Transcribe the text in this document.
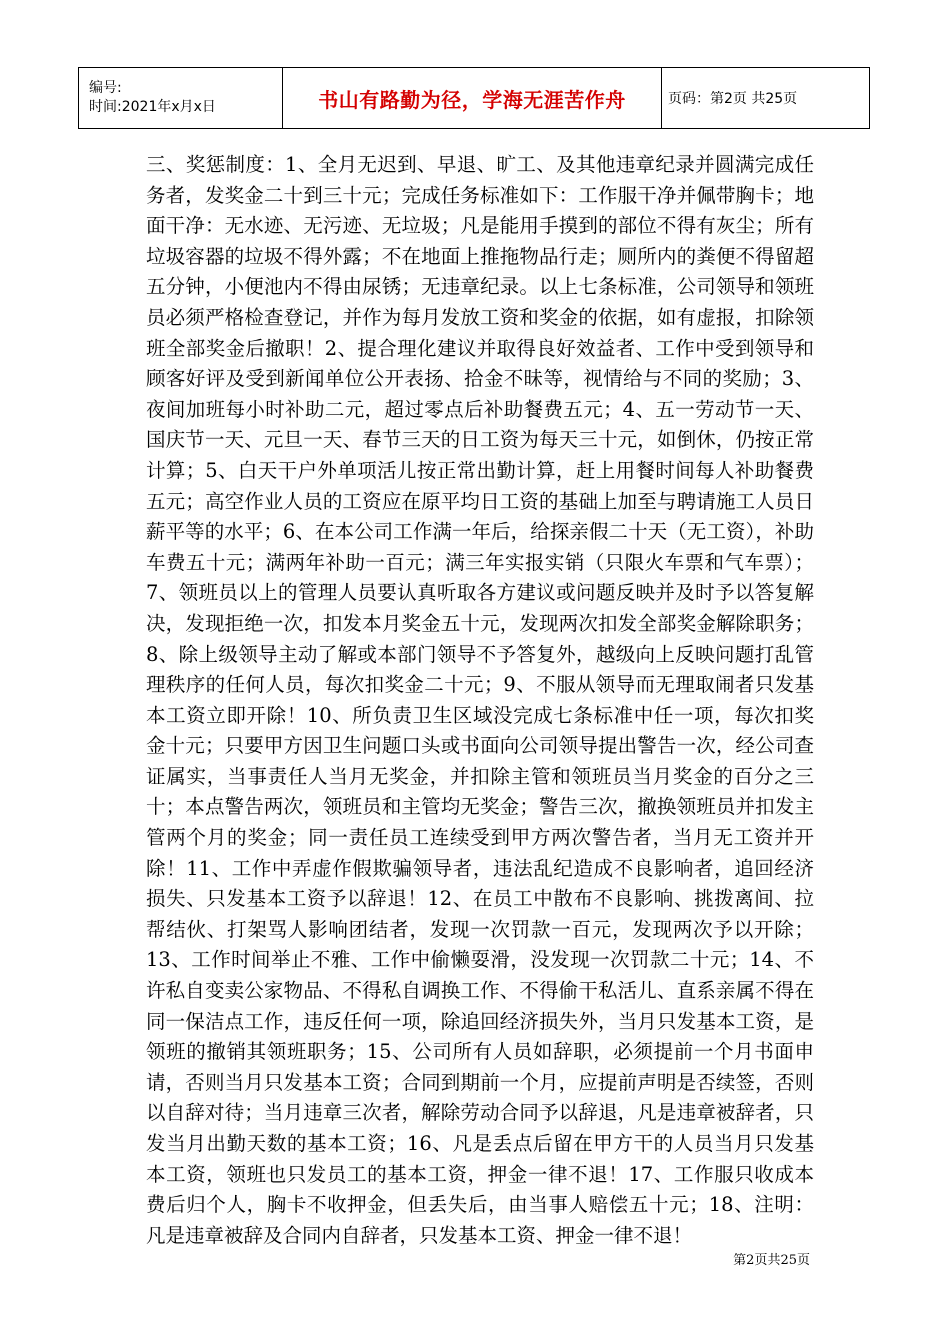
编号:
时间:2021年x月x日	书山有路勤为径，学海无涯苦作舟	页码：第2页 共25页

三、奖惩制度：1、全月无迟到、早退、旷工、及其他违章纪录并圆满完成任务者，发奖金二十到三十元；完成任务标准如下：工作服干净并佩带胸卡；地面干净：无水迹、无污迹、无垃圾；凡是能用手摸到的部位不得有灰尘；所有垃圾容器的垃圾不得外露；不在地面上推拖物品行走；厕所内的粪便不得留超五分钟，小便池内不得由尿锈；无违章纪录。以上七条标准，公司领导和领班员必须严格检查登记，并作为每月发放工资和奖金的依据，如有虚报，扣除领班全部奖金后撤职！2、提合理化建议并取得良好效益者、工作中受到领导和顾客好评及受到新闻单位公开表扬、拾金不昧等，视情给与不同的奖励；3、夜间加班每小时补助二元，超过零点后补助餐费五元；4、五一劳动节一天、国庆节一天、元旦一天、春节三天的日工资为每天三十元，如倒休，仍按正常计算；5、白天干户外单项活儿按正常出勤计算，赶上用餐时间每人补助餐费五元；高空作业人员的工资应在原平均日工资的基础上加至与聘请施工人员日薪平等的水平；6、在本公司工作满一年后，给探亲假二十天（无工资），补助车费五十元；满两年补助一百元；满三年实报实销（只限火车票和气车票）；7、领班员以上的管理人员要认真听取各方建议或问题反映并及时予以答复解决，发现拒绝一次，扣发本月奖金五十元，发现两次扣发全部奖金解除职务；8、除上级领导主动了解或本部门领导不予答复外，越级向上反映问题打乱管理秩序的任何人员，每次扣奖金二十元；9、不服从领导而无理取闹者只发基本工资立即开除！10、所负责卫生区域没完成七条标准中任一项，每次扣奖金十元；只要甲方因卫生问题口头或书面向公司领导提出警告一次，经公司查证属实，当事责任人当月无奖金，并扣除主管和领班员当月奖金的百分之三十；本点警告两次，领班员和主管均无奖金；警告三次，撤换领班员并扣发主管两个月的奖金；同一责任员工连续受到甲方两次警告者，当月无工资并开除！11、工作中弄虚作假欺骗领导者，违法乱纪造成不良影响者，追回经济损失、只发基本工资予以辞退！12、在员工中散布不良影响、挑拨离间、拉帮结伙、打架骂人影响团结者，发现一次罚款一百元，发现两次予以开除；13、工作时间举止不雅、工作中偷懒耍滑，没发现一次罚款二十元；14、不许私自变卖公家物品、不得私自调换工作、不得偷干私活儿、直系亲属不得在同一保洁点工作，违反任何一项，除追回经济损失外，当月只发基本工资，是领班的撤销其领班职务；15、公司所有人员如辞职，必须提前一个月书面申请，否则当月只发基本工资；合同到期前一个月，应提前声明是否续签，否则以自辞对待；当月违章三次者，解除劳动合同予以辞退，凡是违章被辞者，只发当月出勤天数的基本工资；16、凡是丢点后留在甲方干的人员当月只发基本工资，领班也只发员工的基本工资，押金一律不退！17、工作服只收成本费后归个人，胸卡不收押金，但丢失后，由当事人赔偿五十元；18、注明：凡是违章被辞及合同内自辞者，只发基本工资、押金一律不退！

第2页共25页
